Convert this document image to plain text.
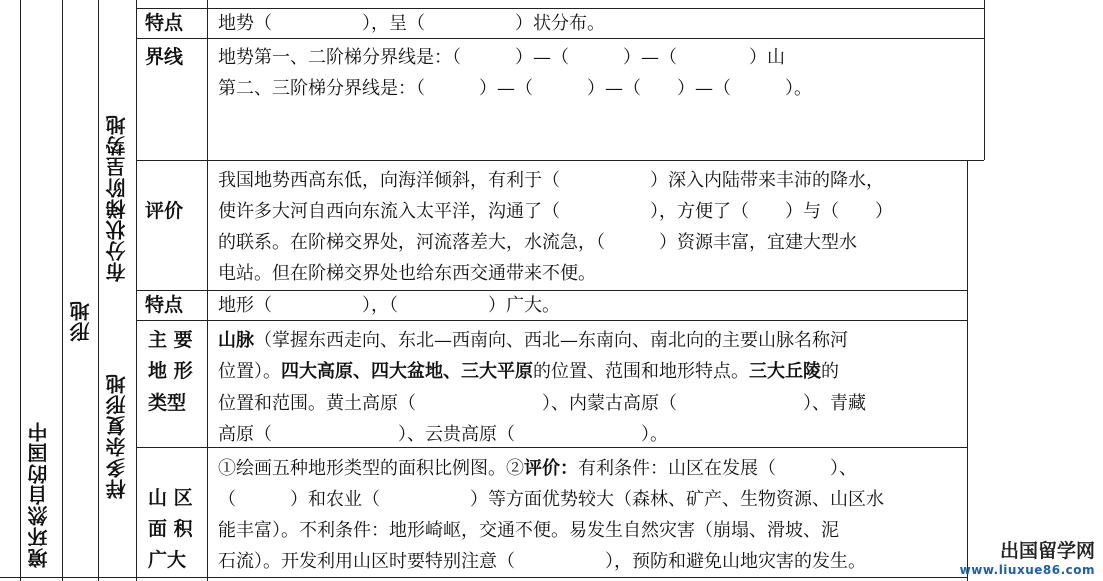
境环然自的国中
形地
布分状梯阶呈势地
样多杂复形地
特点 地势（　　　　　），呈（　　　　　）状分布。
界线 地势第一、二阶梯分界线是：（　　　）—（　　　）—（　　　　）山
第二、三阶梯分界线是：（　　　）—（　　　）—（　　）—（　　　）。
评价
我国地势西高东低，向海洋倾斜，有利于（　　　　　）深入内陆带来丰沛的降水，
使许多大河自西向东流入太平洋，沟通了（　　　　　），方便了（　　）与（　　）
的联系。在阶梯交界处，河流落差大，水流急，（　　　）资源丰富，宜建大型水
电站。但在阶梯交界处也给东西交通带来不便。
特点 地形（　　　　　），（　　　　　）广大。
主 要
地 形
类型
山脉（掌握东西走向、东北—西南向、西北—东南向、南北向的主要山脉名称河
位置）。四大高原、四大盆地、三大平原的位置、范围和地形特点。三大丘陵的
位置和范围。黄土高原（　　　　　　　）、内蒙古高原（　　　　　　　）、青藏
高原（　　　　　　　）、云贵高原（　　　　　　　）。
山 区
面 积
广大
①绘画五种地形类型的面积比例图。②评价：有利条件：山区在发展（　　　）、
（　　　）和农业（　　　　　）等方面优势较大（森林、矿产、生物资源、山区水
能丰富）。不利条件：地形崎岖，交通不便。易发生自然灾害（崩塌、滑坡、泥
石流）。开发利用山区时要特别注意（　　　　　），预防和避免山地灾害的发生。	出国留学网
www.liuxue86.com
